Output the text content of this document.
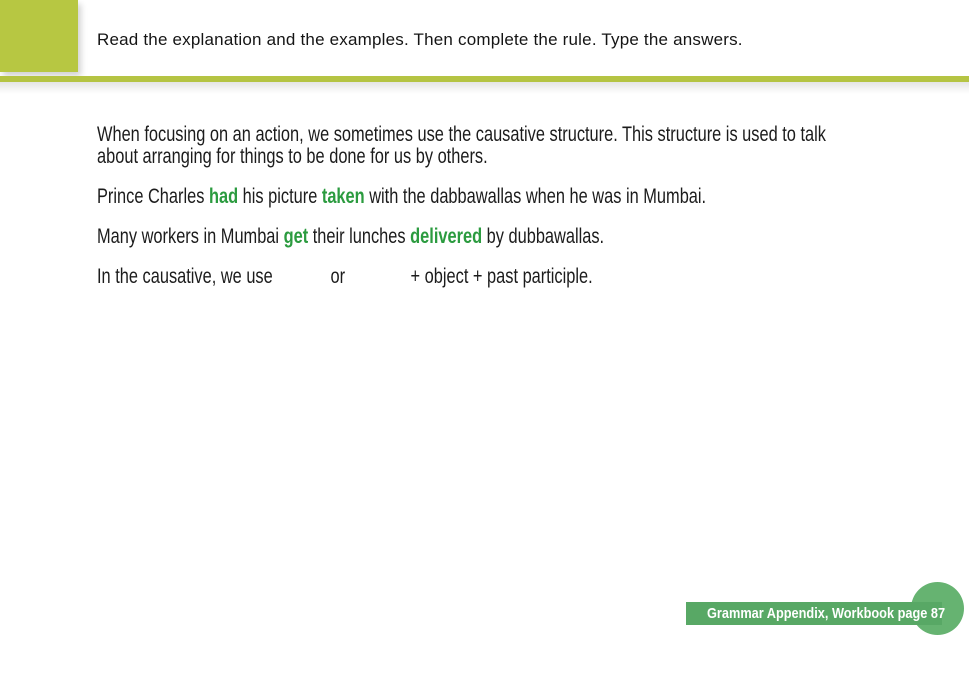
Read the explanation and the examples. Then complete the rule. Type the answers.

When focusing on an action, we sometimes use the causative structure. This structure is used to talk
about arranging for things to be done for us by others.

Prince Charles had his picture taken with the dabbawallas when he was in Mumbai.

Many workers in Mumbai get their lunches delivered by dubbawallas.

In the causative, we use	or	+ object + past participle.

Grammar Appendix, Workbook page 87
